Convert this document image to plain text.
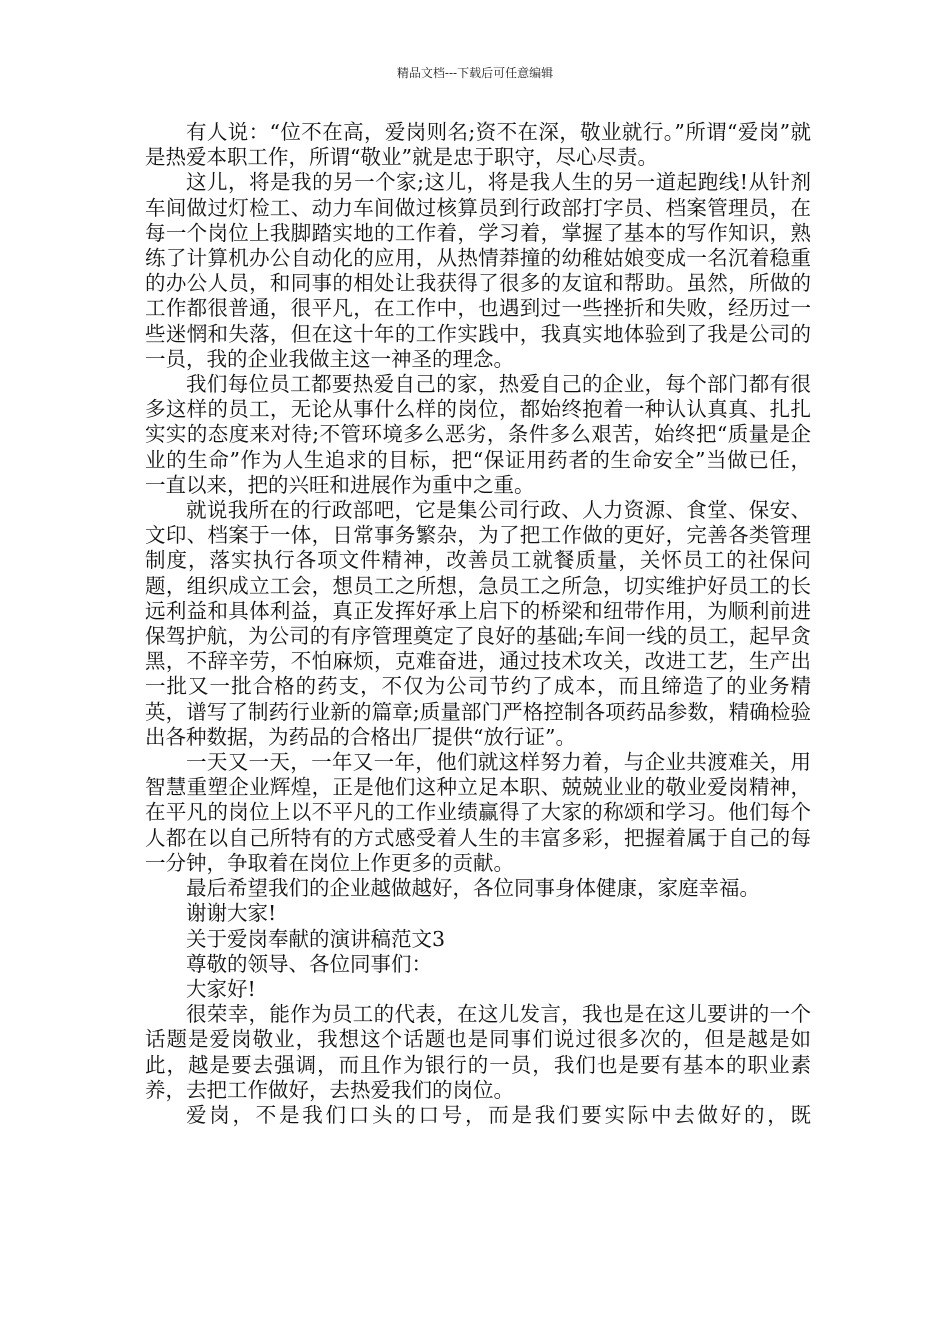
精品文档---下载后可任意编辑

有人说：“位不在高，爱岗则名;资不在深，敬业就行。”所谓“爱岗”就是热爱本职工作，所谓“敬业”就是忠于职守，尽心尽责。

这儿，将是我的另一个家;这儿，将是我人生的另一道起跑线!从针剂车间做过灯检工、动力车间做过核算员到行政部打字员、档案管理员，在每一个岗位上我脚踏实地的工作着，学习着，掌握了基本的写作知识，熟练了计算机办公自动化的应用，从热情莽撞的幼稚姑娘变成一名沉着稳重的办公人员，和同事的相处让我获得了很多的友谊和帮助。虽然，所做的工作都很普通，很平凡，在工作中，也遇到过一些挫折和失败，经历过一些迷惘和失落，但在这十年的工作实践中，我真实地体验到了我是公司的一员，我的企业我做主这一神圣的理念。

我们每位员工都要热爱自己的家，热爱自己的企业，每个部门都有很多这样的员工，无论从事什么样的岗位，都始终抱着一种认认真真、扎扎实实的态度来对待;不管环境多么恶劣，条件多么艰苦，始终把“质量是企业的生命”作为人生追求的目标，把“保证用药者的生命安全”当做已任，一直以来，把的兴旺和进展作为重中之重。

就说我所在的行政部吧，它是集公司行政、人力资源、食堂、保安、文印、档案于一体，日常事务繁杂，为了把工作做的更好，完善各类管理制度，落实执行各项文件精神，改善员工就餐质量，关怀员工的社保问题，组织成立工会，想员工之所想，急员工之所急，切实维护好员工的长远利益和具体利益，真正发挥好承上启下的桥梁和纽带作用，为顺利前进保驾护航，为公司的有序管理奠定了良好的基础;车间一线的员工，起早贪黑，不辞辛劳，不怕麻烦，克难奋进，通过技术攻关，改进工艺，生产出一批又一批合格的药支，不仅为公司节约了成本，而且缔造了的业务精英，谱写了制药行业新的篇章;质量部门严格控制各项药品参数，精确检验出各种数据，为药品的合格出厂提供“放行证”。

一天又一天，一年又一年，他们就这样努力着，与企业共渡难关，用智慧重塑企业辉煌，正是他们这种立足本职、兢兢业业的敬业爱岗精神，在平凡的岗位上以不平凡的工作业绩赢得了大家的称颂和学习。他们每个人都在以自己所特有的方式感受着人生的丰富多彩，把握着属于自己的每一分钟，争取着在岗位上作更多的贡献。

最后希望我们的企业越做越好，各位同事身体健康，家庭幸福。

谢谢大家!

关于爱岗奉献的演讲稿范文3

尊敬的领导、各位同事们：

大家好!

很荣幸，能作为员工的代表，在这儿发言，我也是在这儿要讲的一个话题是爱岗敬业，我想这个话题也是同事们说过很多次的，但是越是如此，越是要去强调，而且作为银行的一员，我们也是要有基本的职业素养，去把工作做好，去热爱我们的岗位。

爱岗，不是我们口头的口号，而是我们要实际中去做好的，既
